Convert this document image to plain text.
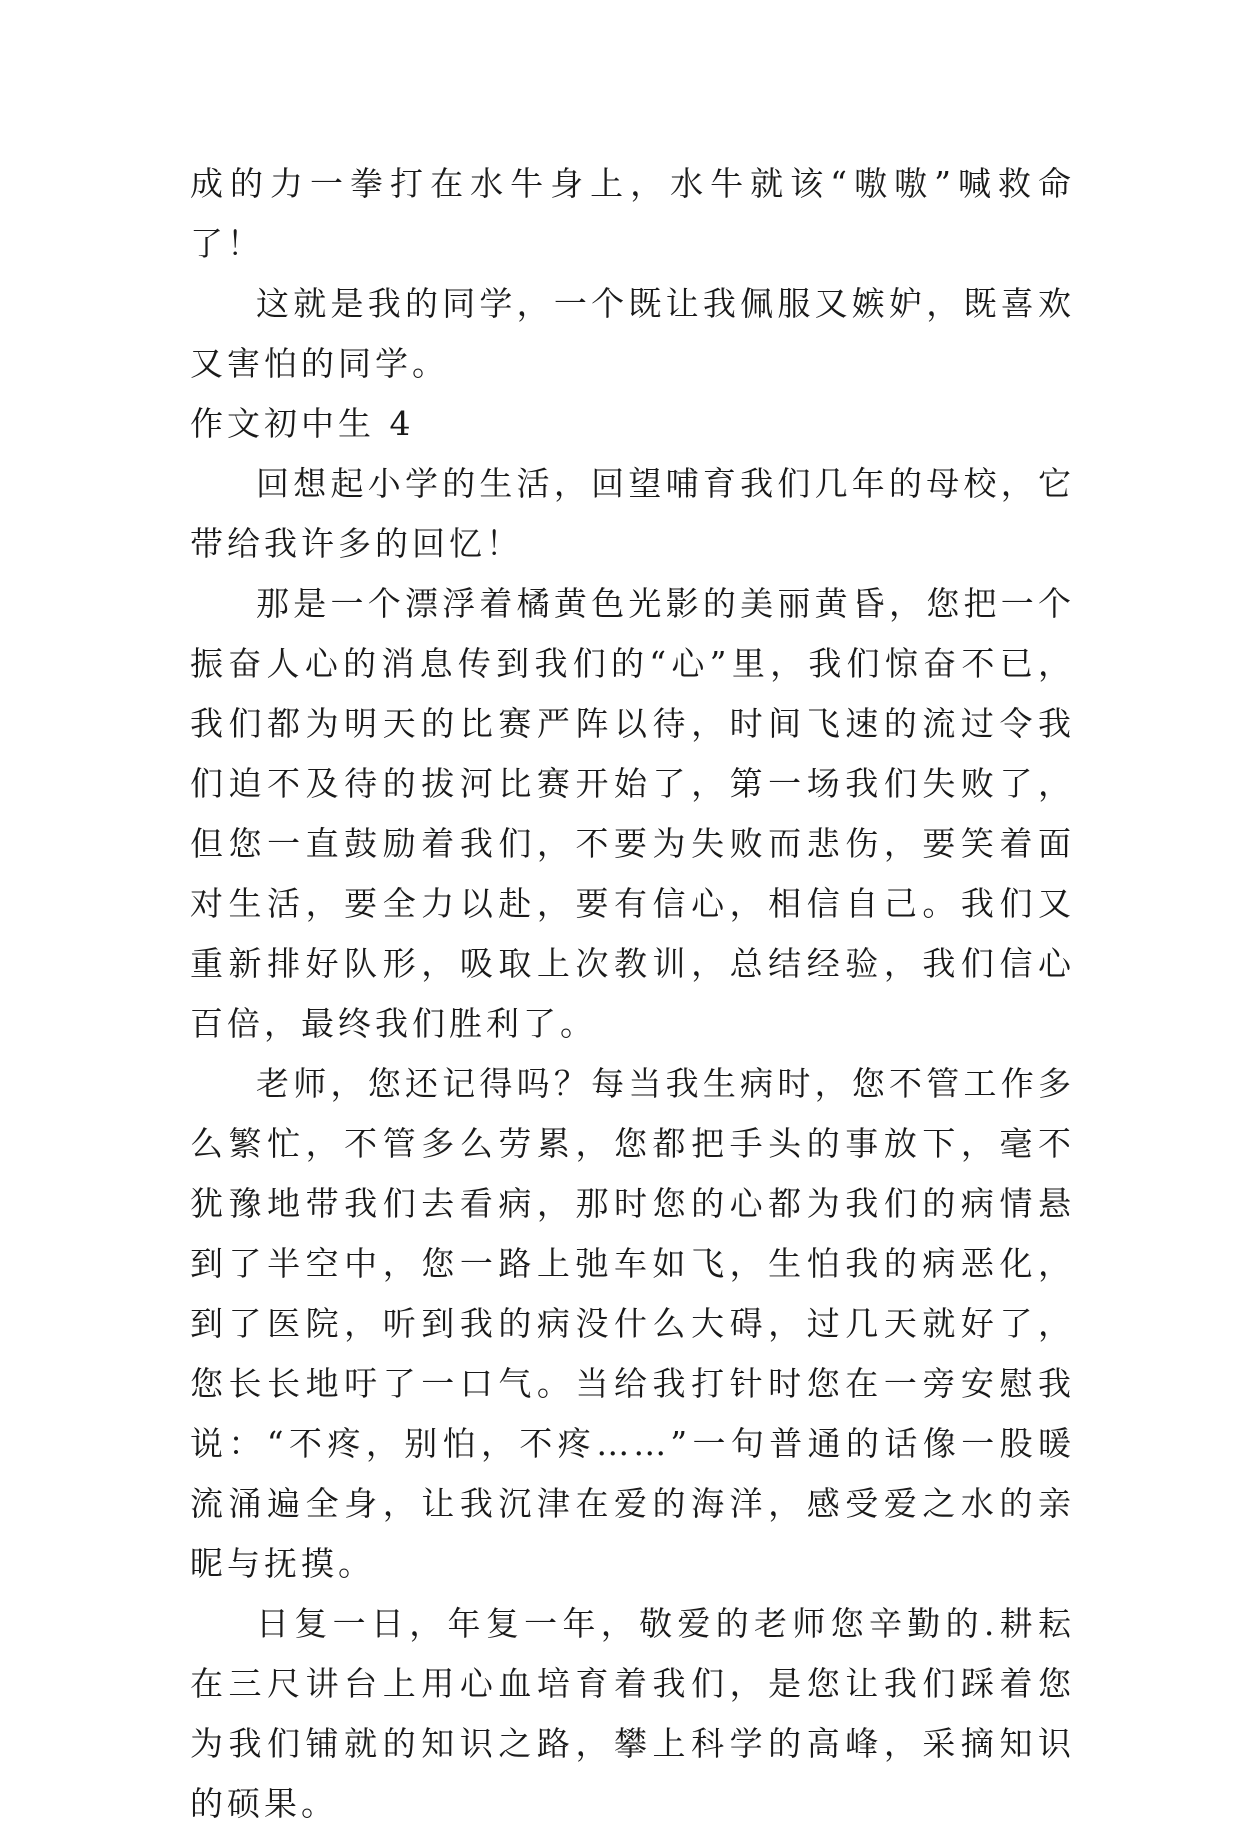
成的力一拳打在水牛身上，水牛就该“嗷嗷”喊救命了！

这就是我的同学，一个既让我佩服又嫉妒，既喜欢又害怕的同学。

作文初中生 4

回想起小学的生活，回望哺育我们几年的母校，它带给我许多的回忆！

那是一个漂浮着橘黄色光影的美丽黄昏，您把一个振奋人心的消息传到我们的“心”里，我们惊奋不已，我们都为明天的比赛严阵以待，时间飞速的流过令我们迫不及待的拔河比赛开始了，第一场我们失败了，但您一直鼓励着我们，不要为失败而悲伤，要笑着面对生活，要全力以赴，要有信心，相信自己。我们又重新排好队形，吸取上次教训，总结经验，我们信心百倍，最终我们胜利了。

老师，您还记得吗？每当我生病时，您不管工作多么繁忙，不管多么劳累，您都把手头的事放下，毫不犹豫地带我们去看病，那时您的心都为我们的病情悬到了半空中，您一路上弛车如飞，生怕我的病恶化，到了医院，听到我的病没什么大碍，过几天就好了，您长长地吁了一口气。当给我打针时您在一旁安慰我说：“不疼，别怕，不疼……”一句普通的话像一股暖流涌遍全身，让我沉津在爱的海洋，感受爱之水的亲昵与抚摸。

日复一日，年复一年，敬爱的老师您辛勤的.耕耘在三尺讲台上用心血培育着我们，是您让我们踩着您为我们铺就的知识之路，攀上科学的高峰，采摘知识的硕果。
